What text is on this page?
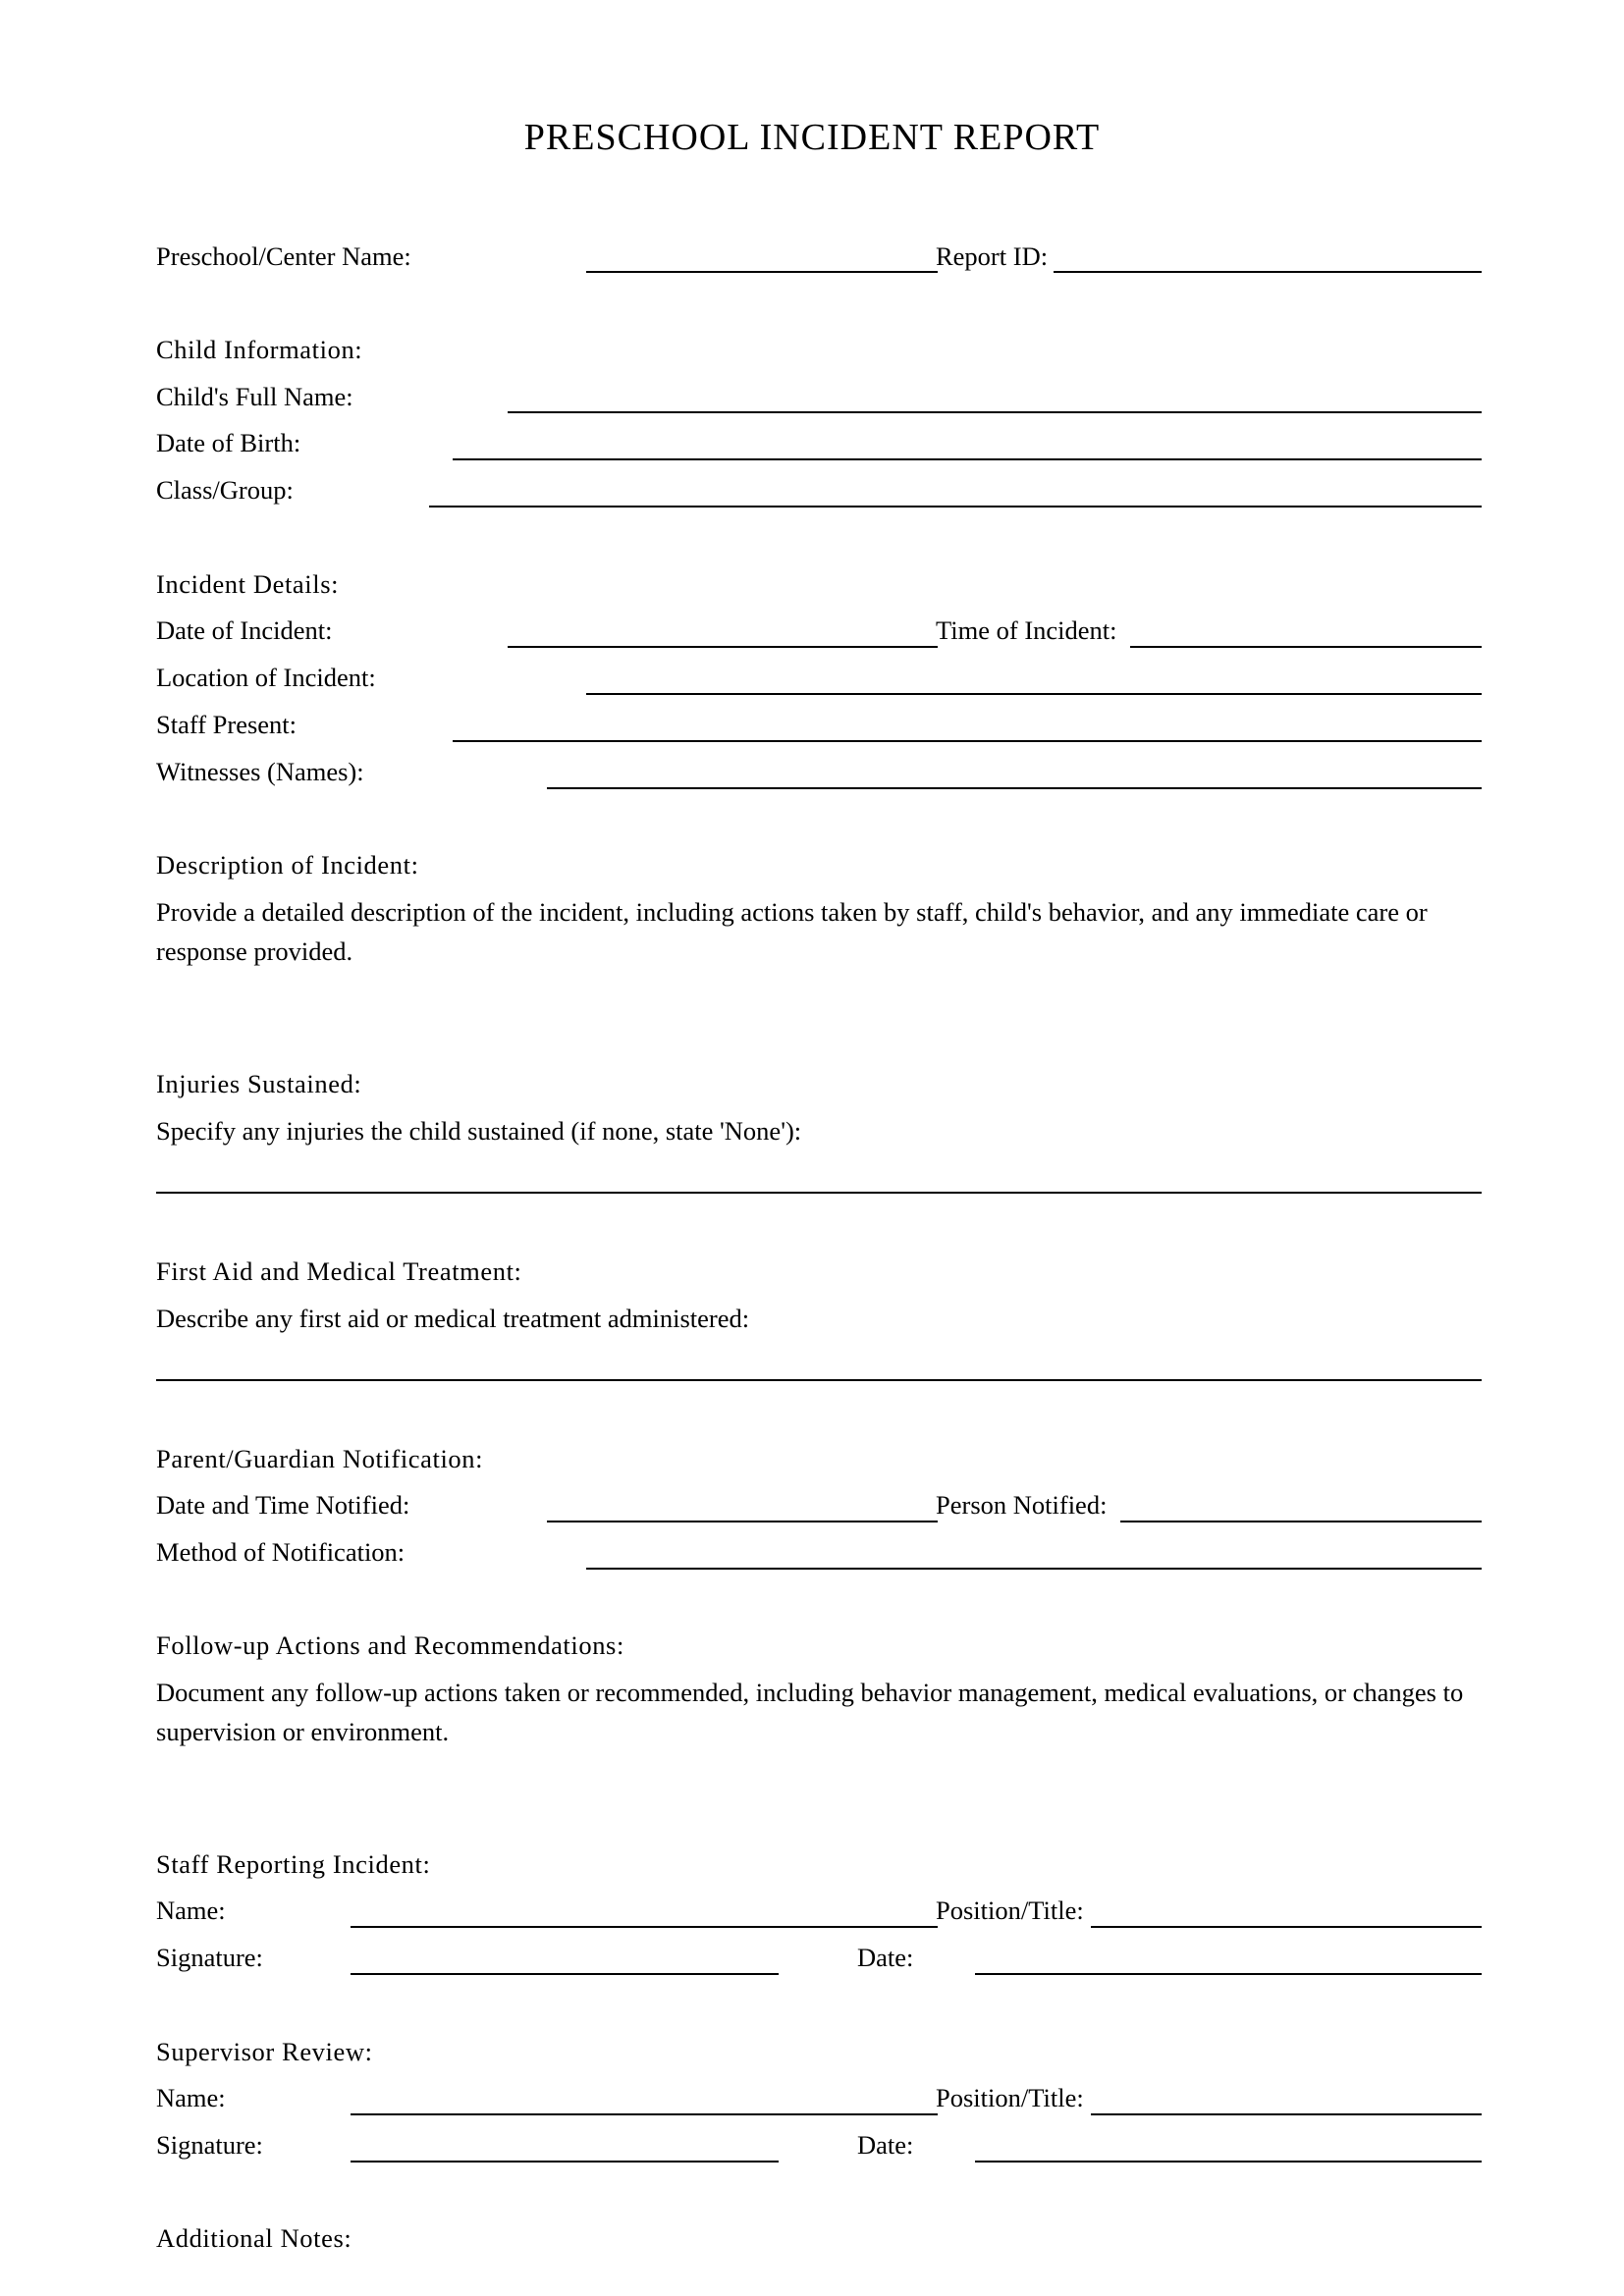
PRESCHOOL INCIDENT REPORT
Preschool/Center Name:	Report ID:
Child Information:
Child's Full Name:
Date of Birth:
Class/Group:
Incident Details:
Date of Incident:	Time of Incident:
Location of Incident:
Staff Present:
Witnesses (Names):
Description of Incident:
Provide a detailed description of the incident, including actions taken by staff, child's behavior, and any immediate care or response provided.
Injuries Sustained:
Specify any injuries the child sustained (if none, state 'None'):
First Aid and Medical Treatment:
Describe any first aid or medical treatment administered:
Parent/Guardian Notification:
Date and Time Notified:	Person Notified:
Method of Notification:
Follow-up Actions and Recommendations:
Document any follow-up actions taken or recommended, including behavior management, medical evaluations, or changes to supervision or environment.
Staff Reporting Incident:
Name:	Position/Title:
Signature:	Date:
Supervisor Review:
Name:	Position/Title:
Signature:	Date:
Additional Notes:
